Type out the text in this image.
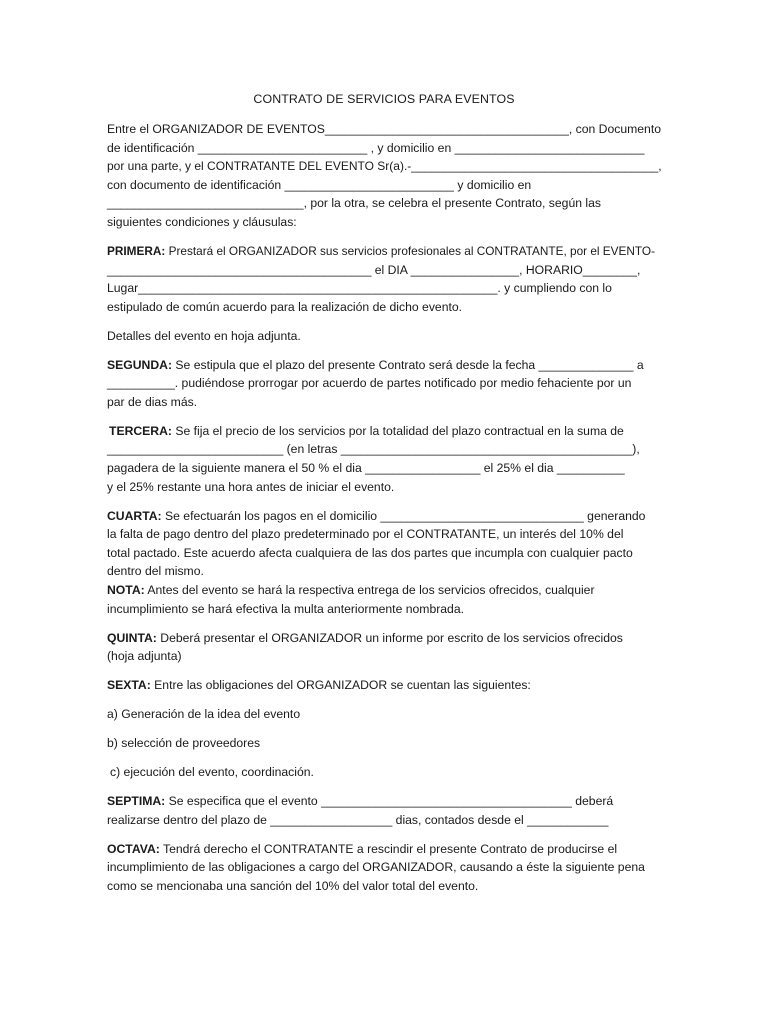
CONTRATO DE SERVICIOS PARA EVENTOS

Entre el ORGANIZADOR DE EVENTOS____________________________________, con Documento
de identificación _________________________ , y domicilio en ____________________________
por una parte, y el CONTRATANTE DEL EVENTO Sr(a).-_____________________________________,
con documento de identificación _________________________ y domicilio en
_____________________________, por la otra, se celebra el presente Contrato, según las
siguientes condiciones y cláusulas:

PRIMERA: Prestará el ORGANIZADOR sus servicios profesionales al CONTRATANTE, por el EVENTO-
_______________________________________ el DIA ________________, HORARIO________,
Lugar_____________________________________________________. y cumpliendo con lo
estipulado de común acuerdo para la realización de dicho evento.

Detalles del evento en hoja adjunta.

SEGUNDA: Se estipula que el plazo del presente Contrato será desde la fecha ______________ a
__________. pudiéndose prorrogar por acuerdo de partes notificado por medio fehaciente por un
par de dias más.

TERCERA: Se fija el precio de los servicios por la totalidad del plazo contractual en la suma de
__________________________ (en letras ___________________________________________),
pagadera de la siguiente manera el 50 % el dia _________________ el 25% el dia __________
y el 25% restante una hora antes de iniciar el evento.

CUARTA: Se efectuarán los pagos en el domicilio ______________________________ generando
la falta de pago dentro del plazo predeterminado por el CONTRATANTE, un interés del 10% del
total pactado. Este acuerdo afecta cualquiera de las dos partes que incumpla con cualquier pacto
dentro del mismo.

NOTA: Antes del evento se hará la respectiva entrega de los servicios ofrecidos, cualquier
incumplimiento se hará efectiva la multa anteriormente nombrada.

QUINTA: Deberá presentar el ORGANIZADOR un informe por escrito de los servicios ofrecidos
(hoja adjunta)

SEXTA: Entre las obligaciones del ORGANIZADOR se cuentan las siguientes:

a) Generación de la idea del evento

b) selección de proveedores

c) ejecución del evento, coordinación.

SEPTIMA: Se especifica que el evento _____________________________________ deberá
realizarse dentro del plazo de __________________ dias, contados desde el ____________

OCTAVA: Tendrá derecho el CONTRATANTE a rescindir el presente Contrato de producirse el
incumplimiento de las obligaciones a cargo del ORGANIZADOR, causando a éste la siguiente pena
como se mencionaba una sanción del 10% del valor total del evento.
